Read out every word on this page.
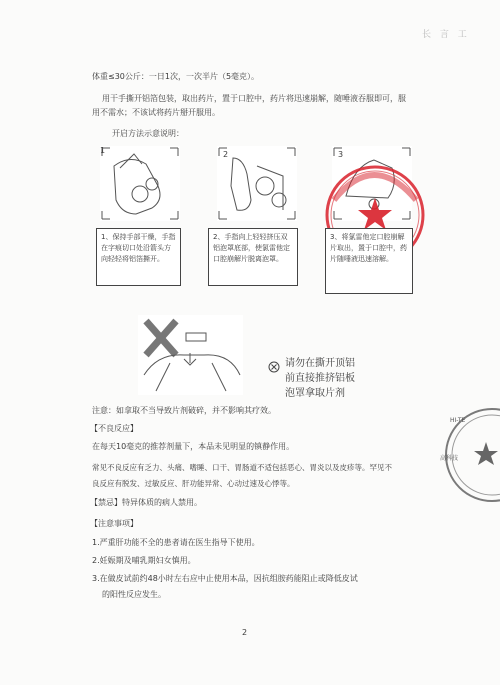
长 言 工
体重≤30公斤：一日1次，一次半片（5毫克）。
用干手撕开铝箔包装，取出药片，置于口腔中，药片将迅速崩解，随唾液吞服即可，服
用不需水；不该试将药片掰开服用。
开启方法示意说明：
1	2	3
1、保持手部干燥，手指在字痕切口处沿箭头方向轻轻将铝箔撕开。
2、手指向上轻轻挤压双铝泡罩底部，使氯雷他定口腔崩解片脱离泡罩。
3、将氯雷他定口腔崩解片取出，置于口腔中，药片随唾液迅速溶解。
请勿在撕开顶铝
前直接推挤铝板
泡罩拿取片剂
注意：如拿取不当导致片剂破碎，并不影响其疗效。
【不良反应】
在每天10毫克的推荐剂量下，本品未见明显的镇静作用。
常见不良反应有乏力、头痛、嗜睡、口干、胃肠道不适包括恶心、胃炎以及皮疹等。罕见不
良反应有脱发、过敏反应、肝功能异常、心动过速及心悸等。
【禁忌】特异体质的病人禁用。
【注意事项】
1.严重肝功能不全的患者请在医生指导下使用。
2.妊娠期及哺乳期妇女慎用。
3.在做皮试前约48小时左右应中止使用本品，因抗组胺药能阻止或降低皮试
的阳性反应发生。
2
HI-TE
高科技
